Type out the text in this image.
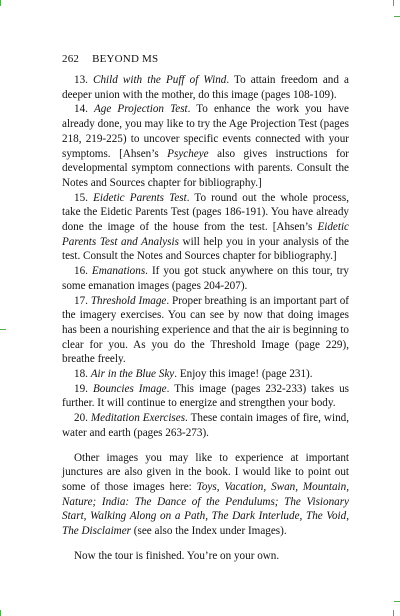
262 BEYOND MS

13. Child with the Puff of Wind. To attain freedom and a deeper union with the mother, do this image (pages 108-109).

14. Age Projection Test. To enhance the work you have already done, you may like to try the Age Projection Test (pages 218, 219-225) to uncover specific events connected with your symptoms. [Ahsen’s Psycheye also gives instructions for developmental symptom connections with parents. Consult the Notes and Sources chapter for bibliography.]

15. Eidetic Parents Test. To round out the whole process, take the Eidetic Parents Test (pages 186-191). You have already done the image of the house from the test. [Ahsen’s Eidetic Parents Test and Analysis will help you in your analysis of the test. Consult the Notes and Sources chapter for bibliography.]

16. Emanations. If you got stuck anywhere on this tour, try some emanation images (pages 204-207).

17. Threshold Image. Proper breathing is an important part of the imagery exercises. You can see by now that doing images has been a nourishing experience and that the air is beginning to clear for you. As you do the Threshold Image (page 229), breathe freely.

18. Air in the Blue Sky. Enjoy this image! (page 231).

19. Bouncies Image. This image (pages 232-233) takes us further. It will continue to energize and strengthen your body.

20. Meditation Exercises. These contain images of fire, wind, water and earth (pages 263-273).

Other images you may like to experience at important junctures are also given in the book. I would like to point out some of those images here: Toys, Vacation, Swan, Mountain, Nature; India: The Dance of the Pendulums; The Visionary Start, Walking Along on a Path, The Dark Interlude, The Void, The Disclaimer (see also the Index under Images).

Now the tour is finished. You’re on your own.
